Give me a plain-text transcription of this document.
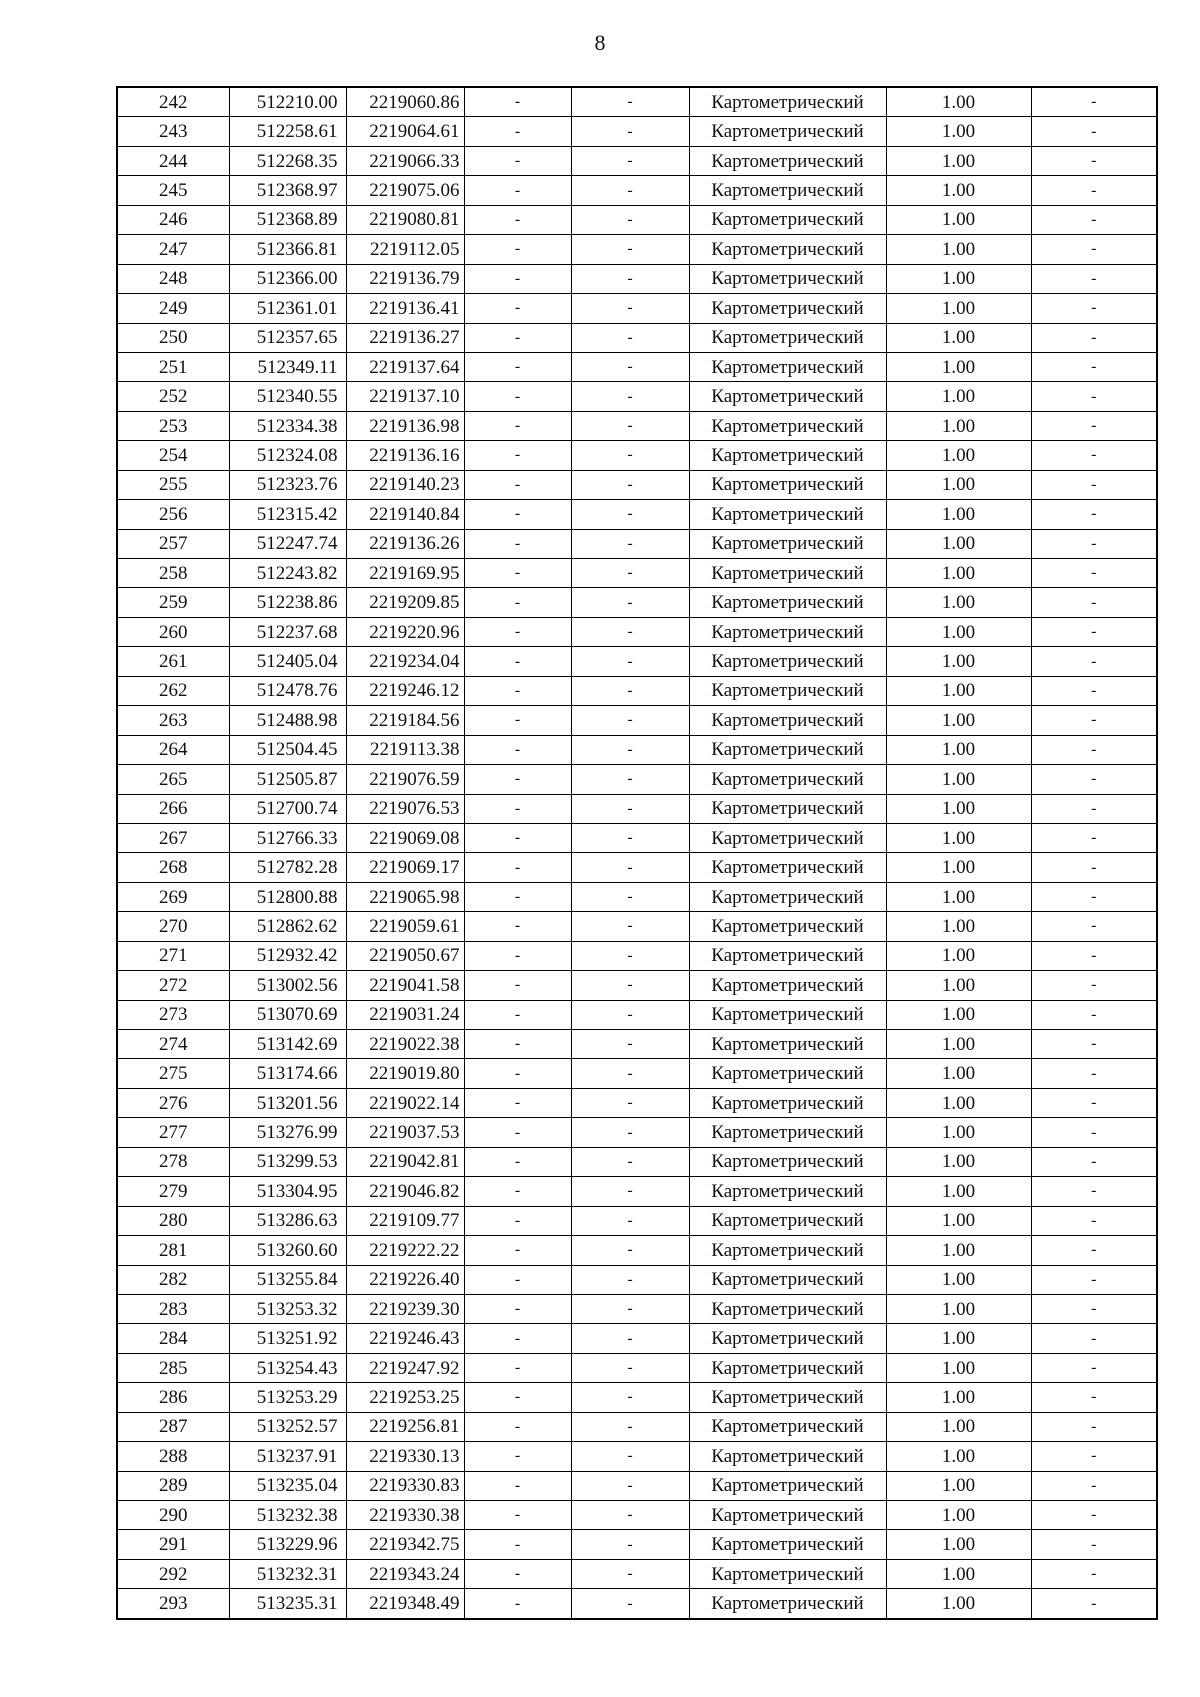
8
242	512210.00	2219060.86	-	-	Картометрический	1.00	-
243	512258.61	2219064.61	-	-	Картометрический	1.00	-
244	512268.35	2219066.33	-	-	Картометрический	1.00	-
245	512368.97	2219075.06	-	-	Картометрический	1.00	-
246	512368.89	2219080.81	-	-	Картометрический	1.00	-
247	512366.81	2219112.05	-	-	Картометрический	1.00	-
248	512366.00	2219136.79	-	-	Картометрический	1.00	-
249	512361.01	2219136.41	-	-	Картометрический	1.00	-
250	512357.65	2219136.27	-	-	Картометрический	1.00	-
251	512349.11	2219137.64	-	-	Картометрический	1.00	-
252	512340.55	2219137.10	-	-	Картометрический	1.00	-
253	512334.38	2219136.98	-	-	Картометрический	1.00	-
254	512324.08	2219136.16	-	-	Картометрический	1.00	-
255	512323.76	2219140.23	-	-	Картометрический	1.00	-
256	512315.42	2219140.84	-	-	Картометрический	1.00	-
257	512247.74	2219136.26	-	-	Картометрический	1.00	-
258	512243.82	2219169.95	-	-	Картометрический	1.00	-
259	512238.86	2219209.85	-	-	Картометрический	1.00	-
260	512237.68	2219220.96	-	-	Картометрический	1.00	-
261	512405.04	2219234.04	-	-	Картометрический	1.00	-
262	512478.76	2219246.12	-	-	Картометрический	1.00	-
263	512488.98	2219184.56	-	-	Картометрический	1.00	-
264	512504.45	2219113.38	-	-	Картометрический	1.00	-
265	512505.87	2219076.59	-	-	Картометрический	1.00	-
266	512700.74	2219076.53	-	-	Картометрический	1.00	-
267	512766.33	2219069.08	-	-	Картометрический	1.00	-
268	512782.28	2219069.17	-	-	Картометрический	1.00	-
269	512800.88	2219065.98	-	-	Картометрический	1.00	-
270	512862.62	2219059.61	-	-	Картометрический	1.00	-
271	512932.42	2219050.67	-	-	Картометрический	1.00	-
272	513002.56	2219041.58	-	-	Картометрический	1.00	-
273	513070.69	2219031.24	-	-	Картометрический	1.00	-
274	513142.69	2219022.38	-	-	Картометрический	1.00	-
275	513174.66	2219019.80	-	-	Картометрический	1.00	-
276	513201.56	2219022.14	-	-	Картометрический	1.00	-
277	513276.99	2219037.53	-	-	Картометрический	1.00	-
278	513299.53	2219042.81	-	-	Картометрический	1.00	-
279	513304.95	2219046.82	-	-	Картометрический	1.00	-
280	513286.63	2219109.77	-	-	Картометрический	1.00	-
281	513260.60	2219222.22	-	-	Картометрический	1.00	-
282	513255.84	2219226.40	-	-	Картометрический	1.00	-
283	513253.32	2219239.30	-	-	Картометрический	1.00	-
284	513251.92	2219246.43	-	-	Картометрический	1.00	-
285	513254.43	2219247.92	-	-	Картометрический	1.00	-
286	513253.29	2219253.25	-	-	Картометрический	1.00	-
287	513252.57	2219256.81	-	-	Картометрический	1.00	-
288	513237.91	2219330.13	-	-	Картометрический	1.00	-
289	513235.04	2219330.83	-	-	Картометрический	1.00	-
290	513232.38	2219330.38	-	-	Картометрический	1.00	-
291	513229.96	2219342.75	-	-	Картометрический	1.00	-
292	513232.31	2219343.24	-	-	Картометрический	1.00	-
293	513235.31	2219348.49	-	-	Картометрический	1.00	-
